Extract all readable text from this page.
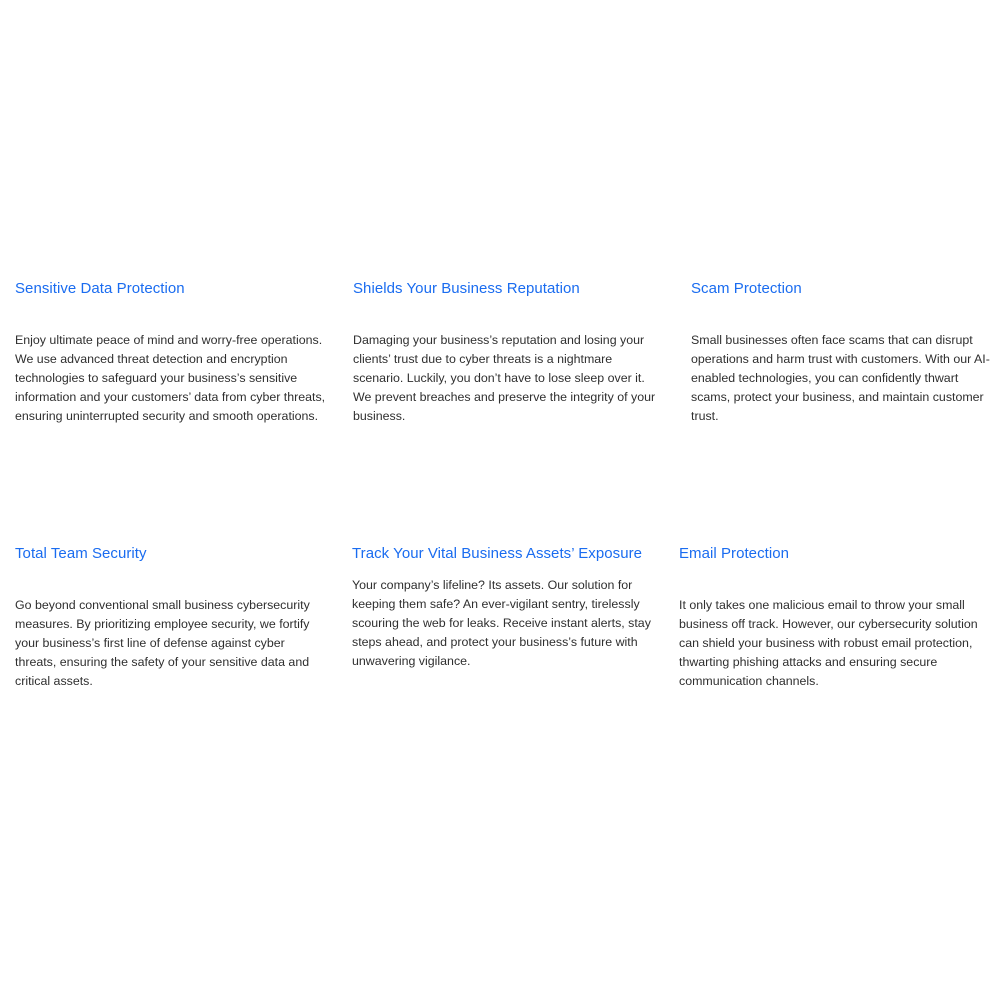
Sensitive Data Protection

Enjoy ultimate peace of mind and worry-free operations. We use advanced threat detection and encryption technologies to safeguard your business’s sensitive information and your customers’ data from cyber threats, ensuring uninterrupted security and smooth operations.

Shields Your Business Reputation

Damaging your business’s reputation and losing your clients’ trust due to cyber threats is a nightmare scenario. Luckily, you don’t have to lose sleep over it. We prevent breaches and preserve the integrity of your business.

Scam Protection

Small businesses often face scams that can disrupt operations and harm trust with customers. With our AI-enabled technologies, you can confidently thwart scams, protect your business, and maintain customer trust.

Total Team Security

Go beyond conventional small business cybersecurity measures. By prioritizing employee security, we fortify your business’s first line of defense against cyber threats, ensuring the safety of your sensitive data and critical assets.

Track Your Vital Business Assets’ Exposure

Your company’s lifeline? Its assets. Our solution for keeping them safe? An ever-vigilant sentry, tirelessly scouring the web for leaks. Receive instant alerts, stay steps ahead, and protect your business’s future with unwavering vigilance.

Email Protection

It only takes one malicious email to throw your small business off track. However, our cybersecurity solution can shield your business with robust email protection, thwarting phishing attacks and ensuring secure communication channels.
